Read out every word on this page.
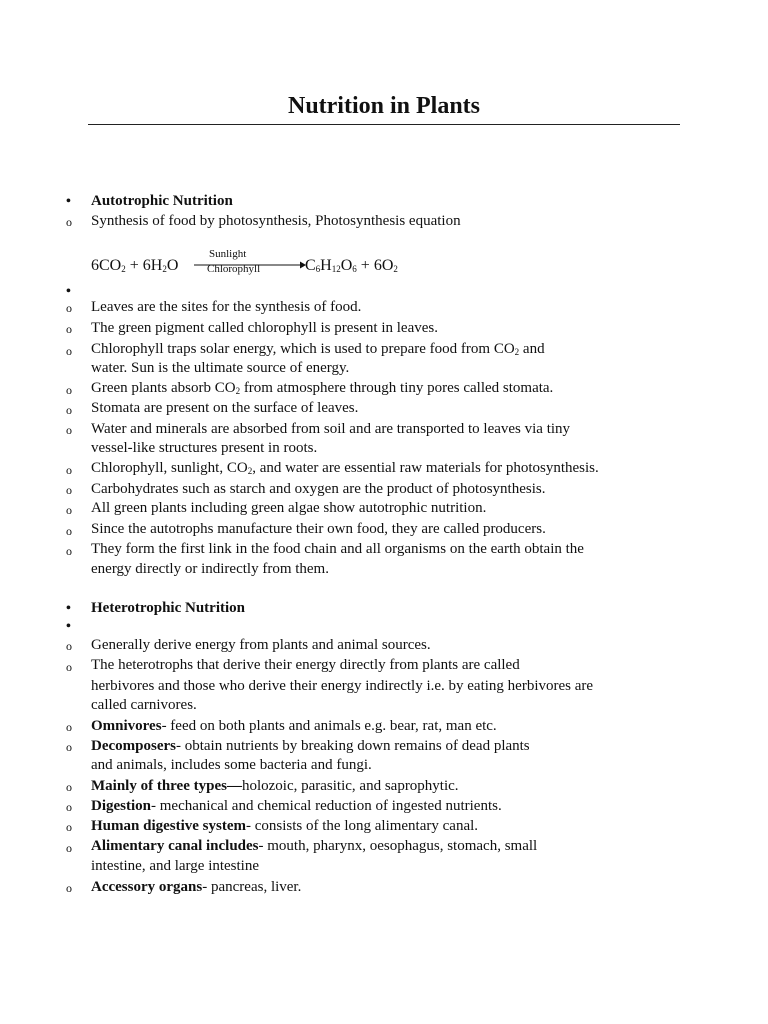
Nutrition in Plants
• Autotrophic Nutrition
o Synthesis of food by photosynthesis, Photosynthesis equation
$6CO_2 + 6H_2O$
Sunlight
Chlorophyll	$C_6H_{12}O_6 + 6O_2$
•
o Leaves are the sites for the synthesis of food.
o The green pigment called chlorophyll is present in leaves.
o Chlorophyll traps solar energy, which is used to prepare food from $CO_2$ and
water. Sun is the ultimate source of energy.
o Green plants absorb $CO_2$ from atmosphere through tiny pores called stomata.
o Stomata are present on the surface of leaves.
o Water and minerals are absorbed from soil and are transported to leaves via tiny
vessel-like structures present in roots.
o Chlorophyll, sunlight, $CO_2$, and water are essential raw materials for photosynthesis.
o Carbohydrates such as starch and oxygen are the product of photosynthesis.
o All green plants including green algae show autotrophic nutrition.
o Since the autotrophs manufacture their own food, they are called producers.
o They form the first link in the food chain and all organisms on the earth obtain the
energy directly or indirectly from them.
• Heterotrophic Nutrition
•
o Generally derive energy from plants and animal sources.
o The heterotrophs that derive their energy directly from plants are called
herbivores and those who derive their energy indirectly i.e. by eating herbivores are
called carnivores.
o Omnivores- feed on both plants and animals e.g. bear, rat, man etc.
o Decomposers- obtain nutrients by breaking down remains of dead plants
and animals, includes some bacteria and fungi.
o Mainly of three types—holozoic, parasitic, and saprophytic.
o Digestion- mechanical and chemical reduction of ingested nutrients.
o Human digestive system- consists of the long alimentary canal.
o Alimentary canal includes- mouth, pharynx, oesophagus, stomach, small
intestine, and large intestine
o Accessory organs- pancreas, liver.
